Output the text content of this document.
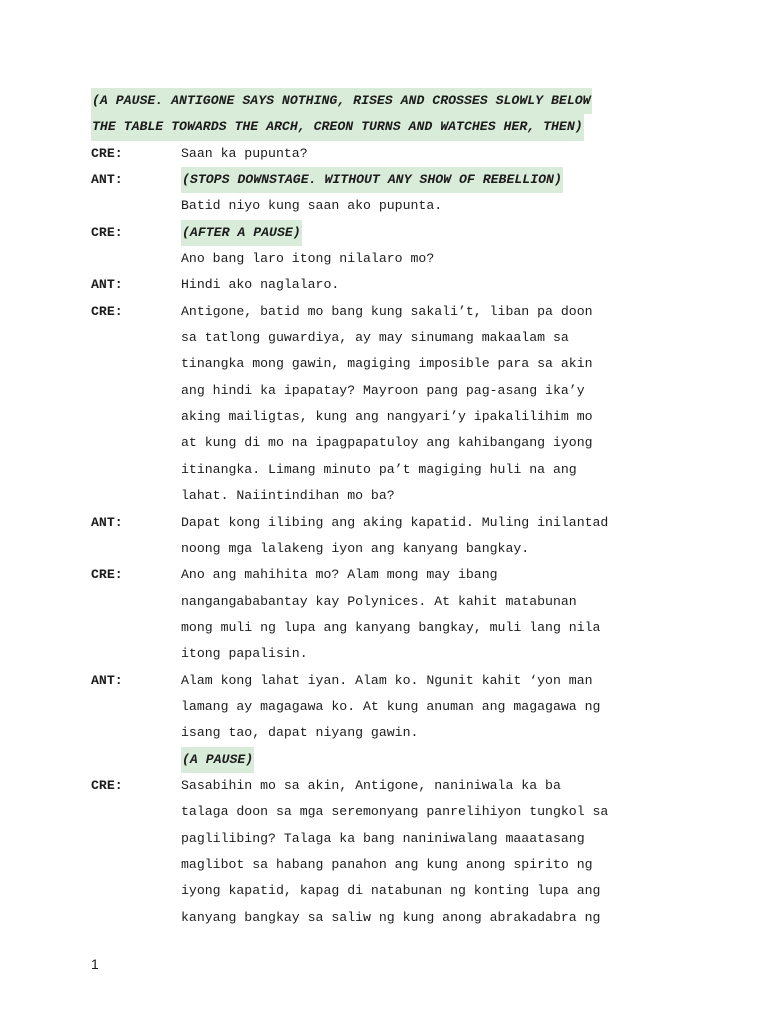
(A PAUSE. ANTIGONE SAYS NOTHING, RISES AND CROSSES SLOWLY BELOW
THE TABLE TOWARDS THE ARCH, CREON TURNS AND WATCHES HER, THEN)
CRE:	Saan ka pupunta?
ANT:	(STOPS DOWNSTAGE. WITHOUT ANY SHOW OF REBELLION)
Batid niyo kung saan ako pupunta.
CRE:	(AFTER A PAUSE)
Ano bang laro itong nilalaro mo?
ANT:	Hindi ako naglalaro.
CRE:	Antigone, batid mo bang kung sakali’t, liban pa doon
sa tatlong guwardiya, ay may sinumang makaalam sa
tinangka mong gawin, magiging imposible para sa akin
ang hindi ka ipapatay? Mayroon pang pag-asang ika’y
aking mailigtas, kung ang nangyari’y ipakalilihim mo
at kung di mo na ipagpapatuloy ang kahibangang iyong
itinangka. Limang minuto pa’t magiging huli na ang
lahat. Naiintindihan mo ba?
ANT:	Dapat kong ilibing ang aking kapatid. Muling inilantad
noong mga lalakeng iyon ang kanyang bangkay.
CRE:	Ano ang mahihita mo? Alam mong may ibang
nangangababantay kay Polynices. At kahit matabunan
mong muli ng lupa ang kanyang bangkay, muli lang nila
itong papalisin.
ANT:	Alam kong lahat iyan. Alam ko. Ngunit kahit ‘yon man
lamang ay magagawa ko. At kung anuman ang magagawa ng
isang tao, dapat niyang gawin.
(A PAUSE)
CRE:	Sasabihin mo sa akin, Antigone, naniniwala ka ba
talaga doon sa mga seremonyang panrelihiyon tungkol sa
paglilibing? Talaga ka bang naniniwalang maaatasang
maglibot sa habang panahon ang kung anong spirito ng
iyong kapatid, kapag di natabunan ng konting lupa ang
kanyang bangkay sa saliw ng kung anong abrakadabra ng
1
